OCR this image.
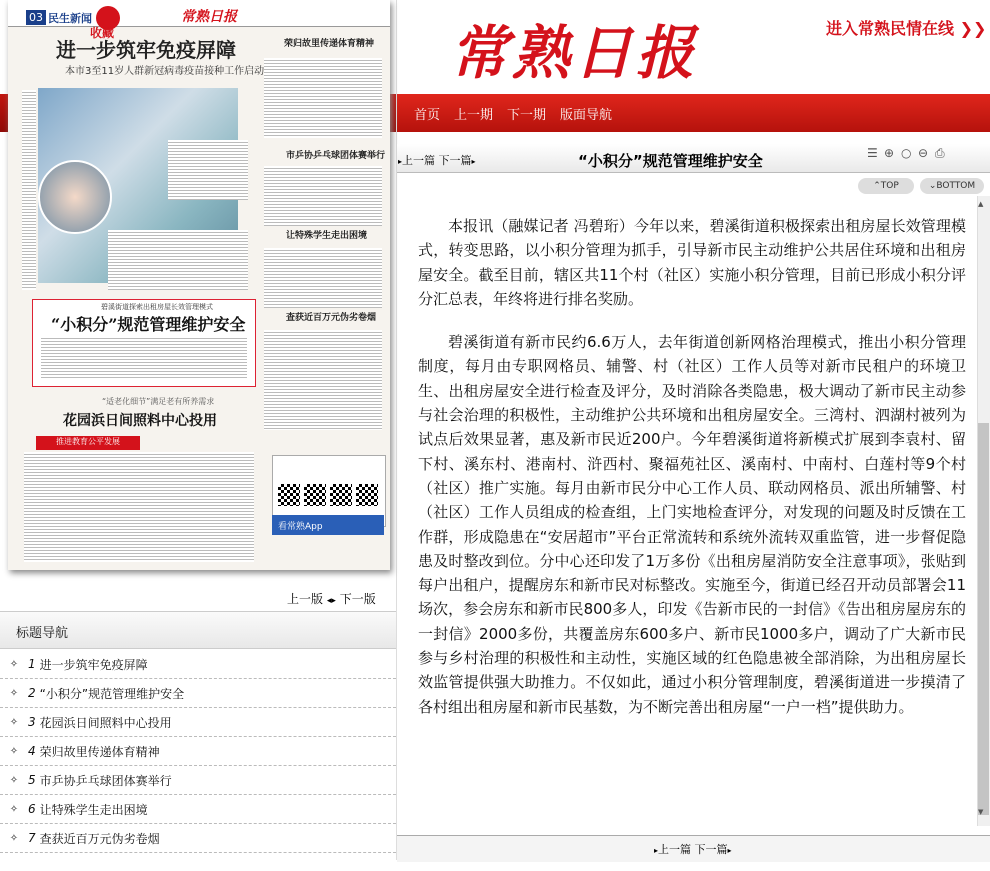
常熟日报	进入常熟民情在线 ❯❯
首页 上一期 下一期 版面导航
03 民生新闻	常熟日报
收藏
进一步筑牢免疫屏障
本市3至11岁人群新冠病毒疫苗接种工作启动
荣归故里传递体育精神
市乒协乒乓球团体赛举行
让特殊学生走出困境
查获近百万元伪劣卷烟
碧溪街道探索出租房屋长效管理模式
“小积分”规范管理维护安全
“适老化细节”满足老有所养需求
花园浜日间照料中心投用
推进教育公平发展
看常熟App
上一版 ◂▸ 下一版
标题导航
✧ 1 进一步筑牢免疫屏障
✧ 2 “小积分”规范管理维护安全
✧ 3 花园浜日间照料中心投用
✧ 4 荣归故里传递体育精神
✧ 5 市乒协乒乓球团体赛举行
✧ 6 让特殊学生走出困境
✧ 7 查获近百万元伪劣卷烟
▸上一篇 下一篇▸	“小积分”规范管理维护安全	☰ ⊕ ○ ⊖ ⎙
⌃TOP	⌄BOTTOM

本报讯（融媒记者 冯碧珩）今年以来，碧溪街道积极探索出租房屋长效管理模式，转变思路，以小积分管理为抓手，引导新市民主动维护公共居住环境和出租房屋安全。截至目前，辖区共11个村（社区）实施小积分管理，目前已形成小积分评分汇总表，年终将进行排名奖励。

碧溪街道有新市民约6.6万人，去年街道创新网格治理模式，推出小积分管理制度，每月由专职网格员、辅警、村（社区）工作人员等对新市民租户的环境卫生、出租房屋安全进行检查及评分，及时消除各类隐患，极大调动了新市民主动参与社会治理的积极性，主动维护公共环境和出租房屋安全。三湾村、泗湖村被列为试点后效果显著，惠及新市民近200户。今年碧溪街道将新模式扩展到李袁村、留下村、溪东村、港南村、浒西村、聚福苑社区、溪南村、中南村、白莲村等9个村（社区）推广实施。每月由新市民分中心工作人员、联动网格员、派出所辅警、村（社区）工作人员组成的检查组，上门实地检查评分，对发现的问题及时反馈在工作群，形成隐患在“安居超市”平台正常流转和系统外流转双重监管，进一步督促隐患及时整改到位。分中心还印发了1万多份《出租房屋消防安全注意事项》，张贴到每户出租户，提醒房东和新市民对标整改。实施至今，街道已经召开动员部署会11场次，参会房东和新市民800多人，印发《告新市民的一封信》《告出租房屋房东的一封信》2000多份，共覆盖房东600多户、新市民1000多户，调动了广大新市民参与乡村治理的积极性和主动性，实施区域的红色隐患被全部消除，为出租房屋长效监管提供强大助推力。不仅如此，通过小积分管理制度，碧溪街道进一步摸清了各村组出租房屋和新市民基数，为不断完善出租房屋“一户一档”提供助力。

▲
▼
▸上一篇 下一篇▸
